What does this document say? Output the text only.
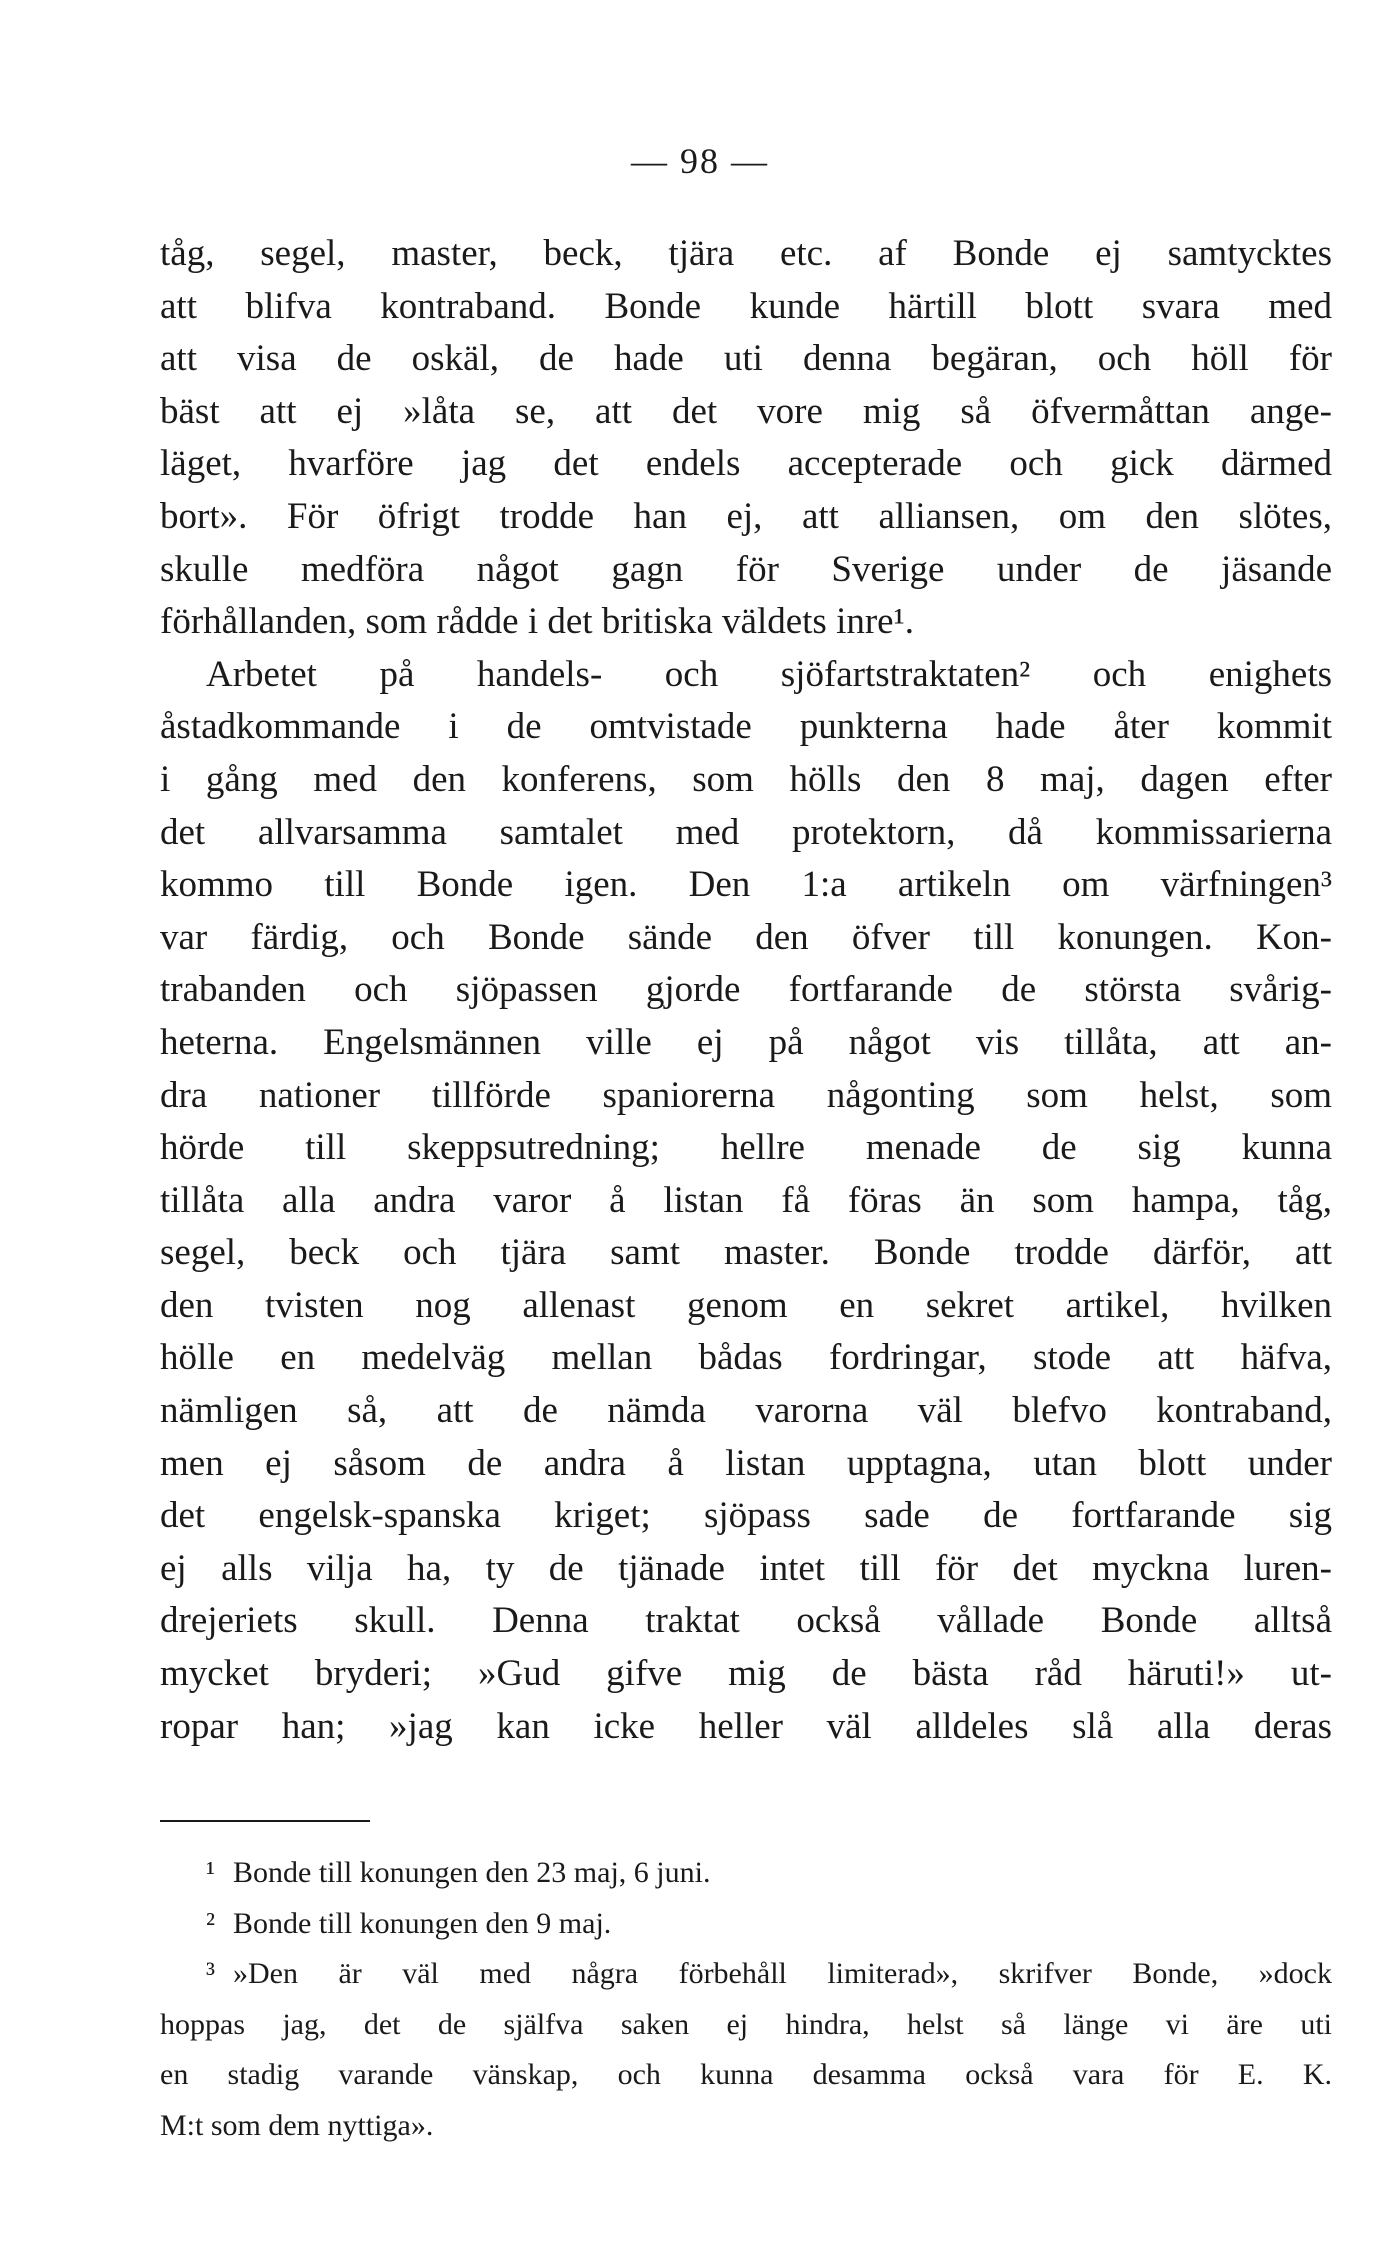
— 98 —
tåg, segel, master, beck, tjära etc. af Bonde ej samtycktes
att blifva kontraband. Bonde kunde härtill blott svara med
att visa de oskäl, de hade uti denna begäran, och höll för
bäst att ej »låta se, att det vore mig så öfvermåttan ange-
läget, hvarföre jag det endels accepterade och gick därmed
bort». För öfrigt trodde han ej, att alliansen, om den slötes,
skulle medföra något gagn för Sverige under de jäsande
förhållanden, som rådde i det britiska väldets inre¹.
Arbetet på handels- och sjöfartstraktaten² och enighets
åstadkommande i de omtvistade punkterna hade åter kommit
i gång med den konferens, som hölls den 8 maj, dagen efter
det allvarsamma samtalet med protektorn, då kommissarierna
kommo till Bonde igen. Den 1:a artikeln om värfningen³
var färdig, och Bonde sände den öfver till konungen. Kon-
trabanden och sjöpassen gjorde fortfarande de största svårig-
heterna. Engelsmännen ville ej på något vis tillåta, att an-
dra nationer tillförde spaniorerna någonting som helst, som
hörde till skeppsutredning; hellre menade de sig kunna
tillåta alla andra varor å listan få föras än som hampa, tåg,
segel, beck och tjära samt master. Bonde trodde därför, att
den tvisten nog allenast genom en sekret artikel, hvilken
hölle en medelväg mellan bådas fordringar, stode att häfva,
nämligen så, att de nämda varorna väl blefvo kontraband,
men ej såsom de andra å listan upptagna, utan blott under
det engelsk-spanska kriget; sjöpass sade de fortfarande sig
ej alls vilja ha, ty de tjänade intet till för det myckna luren-
drejeriets skull. Denna traktat också vållade Bonde alltså
mycket bryderi; »Gud gifve mig de bästa råd häruti!» ut-
ropar han; »jag kan icke heller väl alldeles slå alla deras
¹ Bonde till konungen den 23 maj, 6 juni.
² Bonde till konungen den 9 maj.
³ »Den är väl med några förbehåll limiterad», skrifver Bonde, »dock
hoppas jag, det de själfva saken ej hindra, helst så länge vi äre uti
en stadig varande vänskap, och kunna desamma också vara för E. K.
M:t som dem nyttiga».
